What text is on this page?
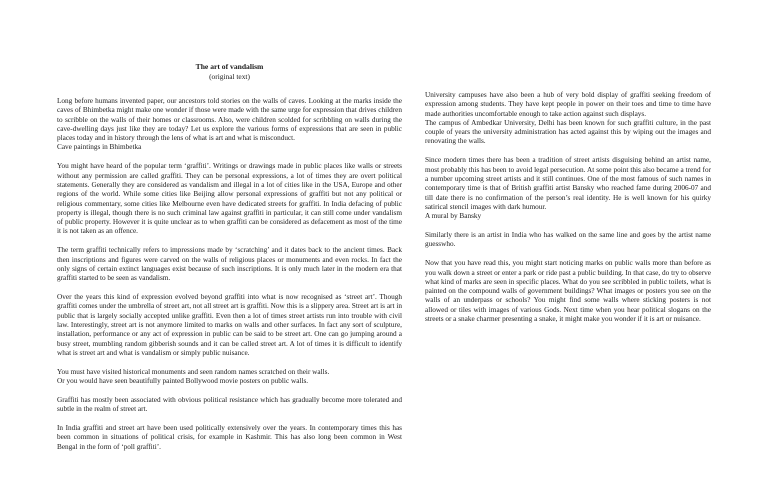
The art of vandalism
(original text)

Long before humans invented paper, our ancestors told stories on the walls of caves. Looking at the marks inside the caves of Bhimbetka might make one wonder if those were made with the same urge for expression that drives children to scribble on the walls of their homes or classrooms. Also, were children scolded for scribbling on walls during the cave-dwelling days just like they are today? Let us explore the various forms of expressions that are seen in public places today and in history through the lens of what is art and what is misconduct.
Cave paintings in Bhimbetka

You might have heard of the popular term ‘graffiti’. Writings or drawings made in public places like walls or streets without any permission are called graffiti. They can be personal expressions, a lot of times they are overt political statements. Generally they are considered as vandalism and illegal in a lot of cities like in the USA, Europe and other regions of the world. While some cities like Beijing allow personal expressions of graffiti but not any political or religious commentary, some cities like Melbourne even have dedicated streets for graffiti. In India defacing of public property is illegal, though there is no such criminal law against graffiti in particular, it can still come under vandalism of public property. However it is quite unclear as to when graffiti can be considered as defacement as most of the time it is not taken as an offence.

The term graffiti technically refers to impressions made by ‘scratching’ and it dates back to the ancient times. Back then inscriptions and figures were carved on the walls of religious places or monuments and even rocks. In fact the only signs of certain extinct languages exist because of such inscriptions. It is only much later in the modern era that graffiti started to be seen as vandalism.

Over the years this kind of expression evolved beyond graffiti into what is now recognised as ‘street art’. Though graffiti comes under the umbrella of street art, not all street art is graffiti. Now this is a slippery area. Street art is art in public that is largely socially accepted unlike graffiti. Even then a lot of times street artists run into trouble with civil law. Interestingly, street art is not anymore limited to marks on walls and other surfaces. In fact any sort of sculpture, installation, performance or any act of expression in public can be said to be street art. One can go jumping around a busy street, mumbling random gibberish sounds and it can be called street art. A lot of times it is difficult to identify what is street art and what is vandalism or simply public nuisance.

You must have visited historical monuments and seen random names scratched on their walls.
Or you would have seen beautifully painted Bollywood movie posters on public walls.

Graffiti has mostly been associated with obvious political resistance which has gradually become more tolerated and subtle in the realm of street art.

In India graffiti and street art have been used politically extensively over the years. In contemporary times this has been common in situations of political crisis, for example in Kashmir. This has also long been common in West Bengal in the form of ‘poll graffiti’.

University campuses have also been a hub of very bold display of graffiti seeking freedom of expression among students. They have kept people in power on their toes and time to time have made authorities uncomfortable enough to take action against such displays.
The campus of Ambedkar University, Delhi has been known for such graffiti culture, in the past couple of years the university administration has acted against this by wiping out the images and renovating the walls.

Since modern times there has been a tradition of street artists disguising behind an artist name, most probably this has been to avoid legal persecution. At some point this also became a trend for a number upcoming street artists and it still continues. One of the most famous of such names in contemporary time is that of British graffiti artist Bansky who reached fame during 2006-07 and till date there is no confirmation of the person’s real identity. He is well known for his quirky satirical stencil images with dark humour.
A mural by Bansky

Similarly there is an artist in India who has walked on the same line and goes by the artist name guesswho.

Now that you have read this, you might start noticing marks on public walls more than before as you walk down a street or enter a park or ride past a public building. In that case, do try to observe what kind of marks are seen in specific places. What do you see scribbled in public toilets, what is painted on the compound walls of government buildings? What images or posters you see on the walls of an underpass or schools? You might find some walls where sticking posters is not allowed or tiles with images of various Gods. Next time when you hear political slogans on the streets or a snake charmer presenting a snake, it might make you wonder if it is art or nuisance.
